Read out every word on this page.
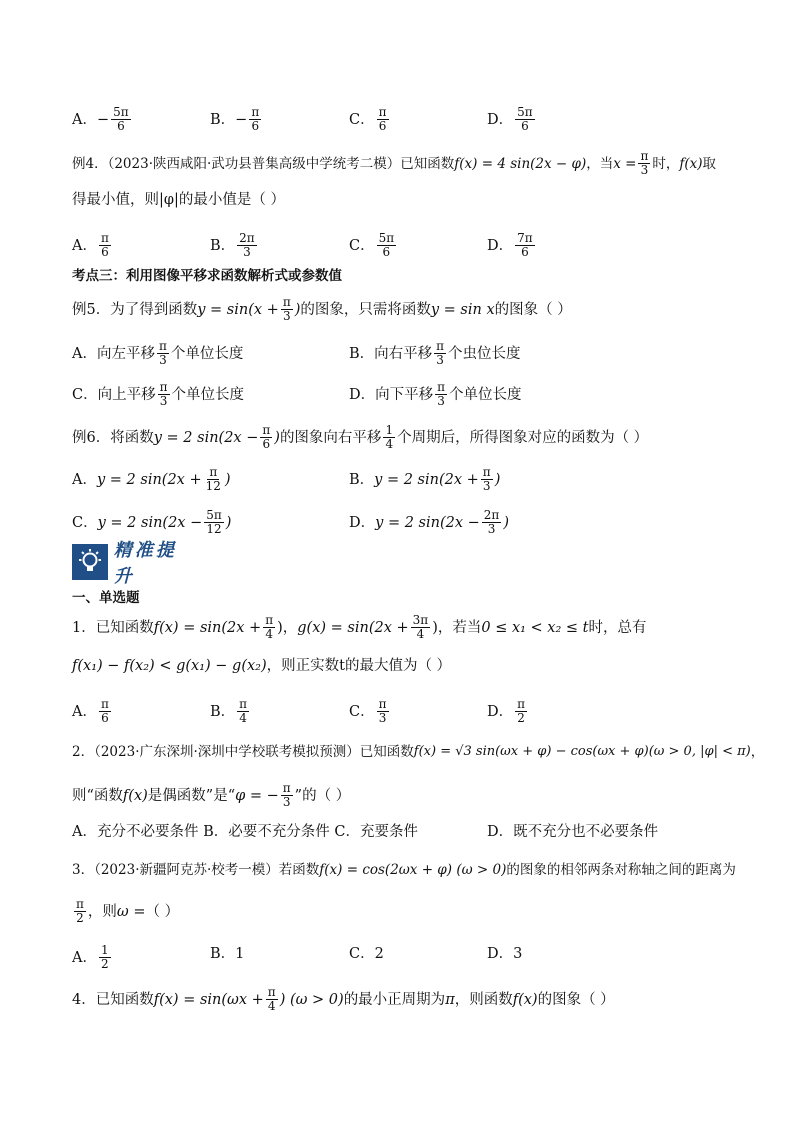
A． − $\frac{5\pi}{6}$	B． − $\frac{\pi}{6}$	C． $\frac{\pi}{6}$	D． $\frac{5\pi}{6}$
例4．（2023·陕西咸阳·武功县普集高级中学统考二模）已知函数 f(x) = 4 sin(2x − φ) ，当 $x = \frac{\pi}{3}$ 时， f(x) 取
得最小值，则|φ|的最小值是（ ）
A． $\frac{\pi}{6}$	B． $\frac{2\pi}{3}$	C． $\frac{5\pi}{6}$	D． $\frac{7\pi}{6}$
考点三：利用图像平移求函数解析式或参数值
例5．为了得到函数 $y = \sin(x + \frac{\pi}{3}$ ) 的图象，只需将函数 y = sin x 的图象（ ）
A．向左平移 $\frac{\pi}{3}$ 个单位长度	B．向右平移 $\frac{\pi}{3}$ 个虫位长度
C．向上平移 $\frac{\pi}{3}$ 个单位长度	D．向下平移 $\frac{\pi}{3}$ 个单位长度
例6．将函数 y = 2 $\sin(2x - \frac{\pi}{6}$ ) 的图象向右平移 $\frac{1}{4}$ 个周期后，所得图象对应的函数为（ ）
A． y = 2 $\sin(2x + \frac{\pi}{12}$ )	B． y = 2 $\sin(2x + \frac{\pi}{3}$ )
C． y = 2 $\sin(2x - \frac{5\pi}{12}$ )	D． y = 2 $\sin(2x - \frac{2\pi}{3}$ )
精准提升
一、单选题
1．已知函数 $f(x) = \sin(2x + \frac{\pi}{4}$ )， $g(x) = \sin(2x + \frac{3\pi}{4}$ )，若当 0 ≤ x₁ < x₂ ≤ t 时，总有
f(x₁) − f(x₂) < g(x₁) − g(x₂) ，则正实数t的最大值为（ ）
A． $\frac{\pi}{6}$	B． $\frac{\pi}{4}$	C． $\frac{\pi}{3}$	D． $\frac{\pi}{2}$
2．（2023·广东深圳·深圳中学校联考模拟预测）已知函数 f(x) = √3 sin(ωx + φ) − cos(ωx + φ)(ω > 0, |φ| < π) ，
则“函数 f(x) 是偶函数”是“ φ = − $\frac{\pi}{3}$ ”的（ ）
A．充分不必要条件 B．必要不充分条件 C．充要条件	D．既不充分也不必要条件
3．（2023·新疆阿克苏·校考一模）若函数 f(x) = cos(2ωx + φ) (ω > 0) 的图象的相邻两条对称轴之间的距离为
$\frac{\pi}{2}$ ，则 ω = （ ）
A． $\frac{1}{2}$	B．1	C．2	D．3
4．已知函数 $f(x) = \sin(\omega x + \frac{\pi}{4}$ ) (ω > 0) 的最小正周期为 π ，则函数 f(x) 的图象（ ）
